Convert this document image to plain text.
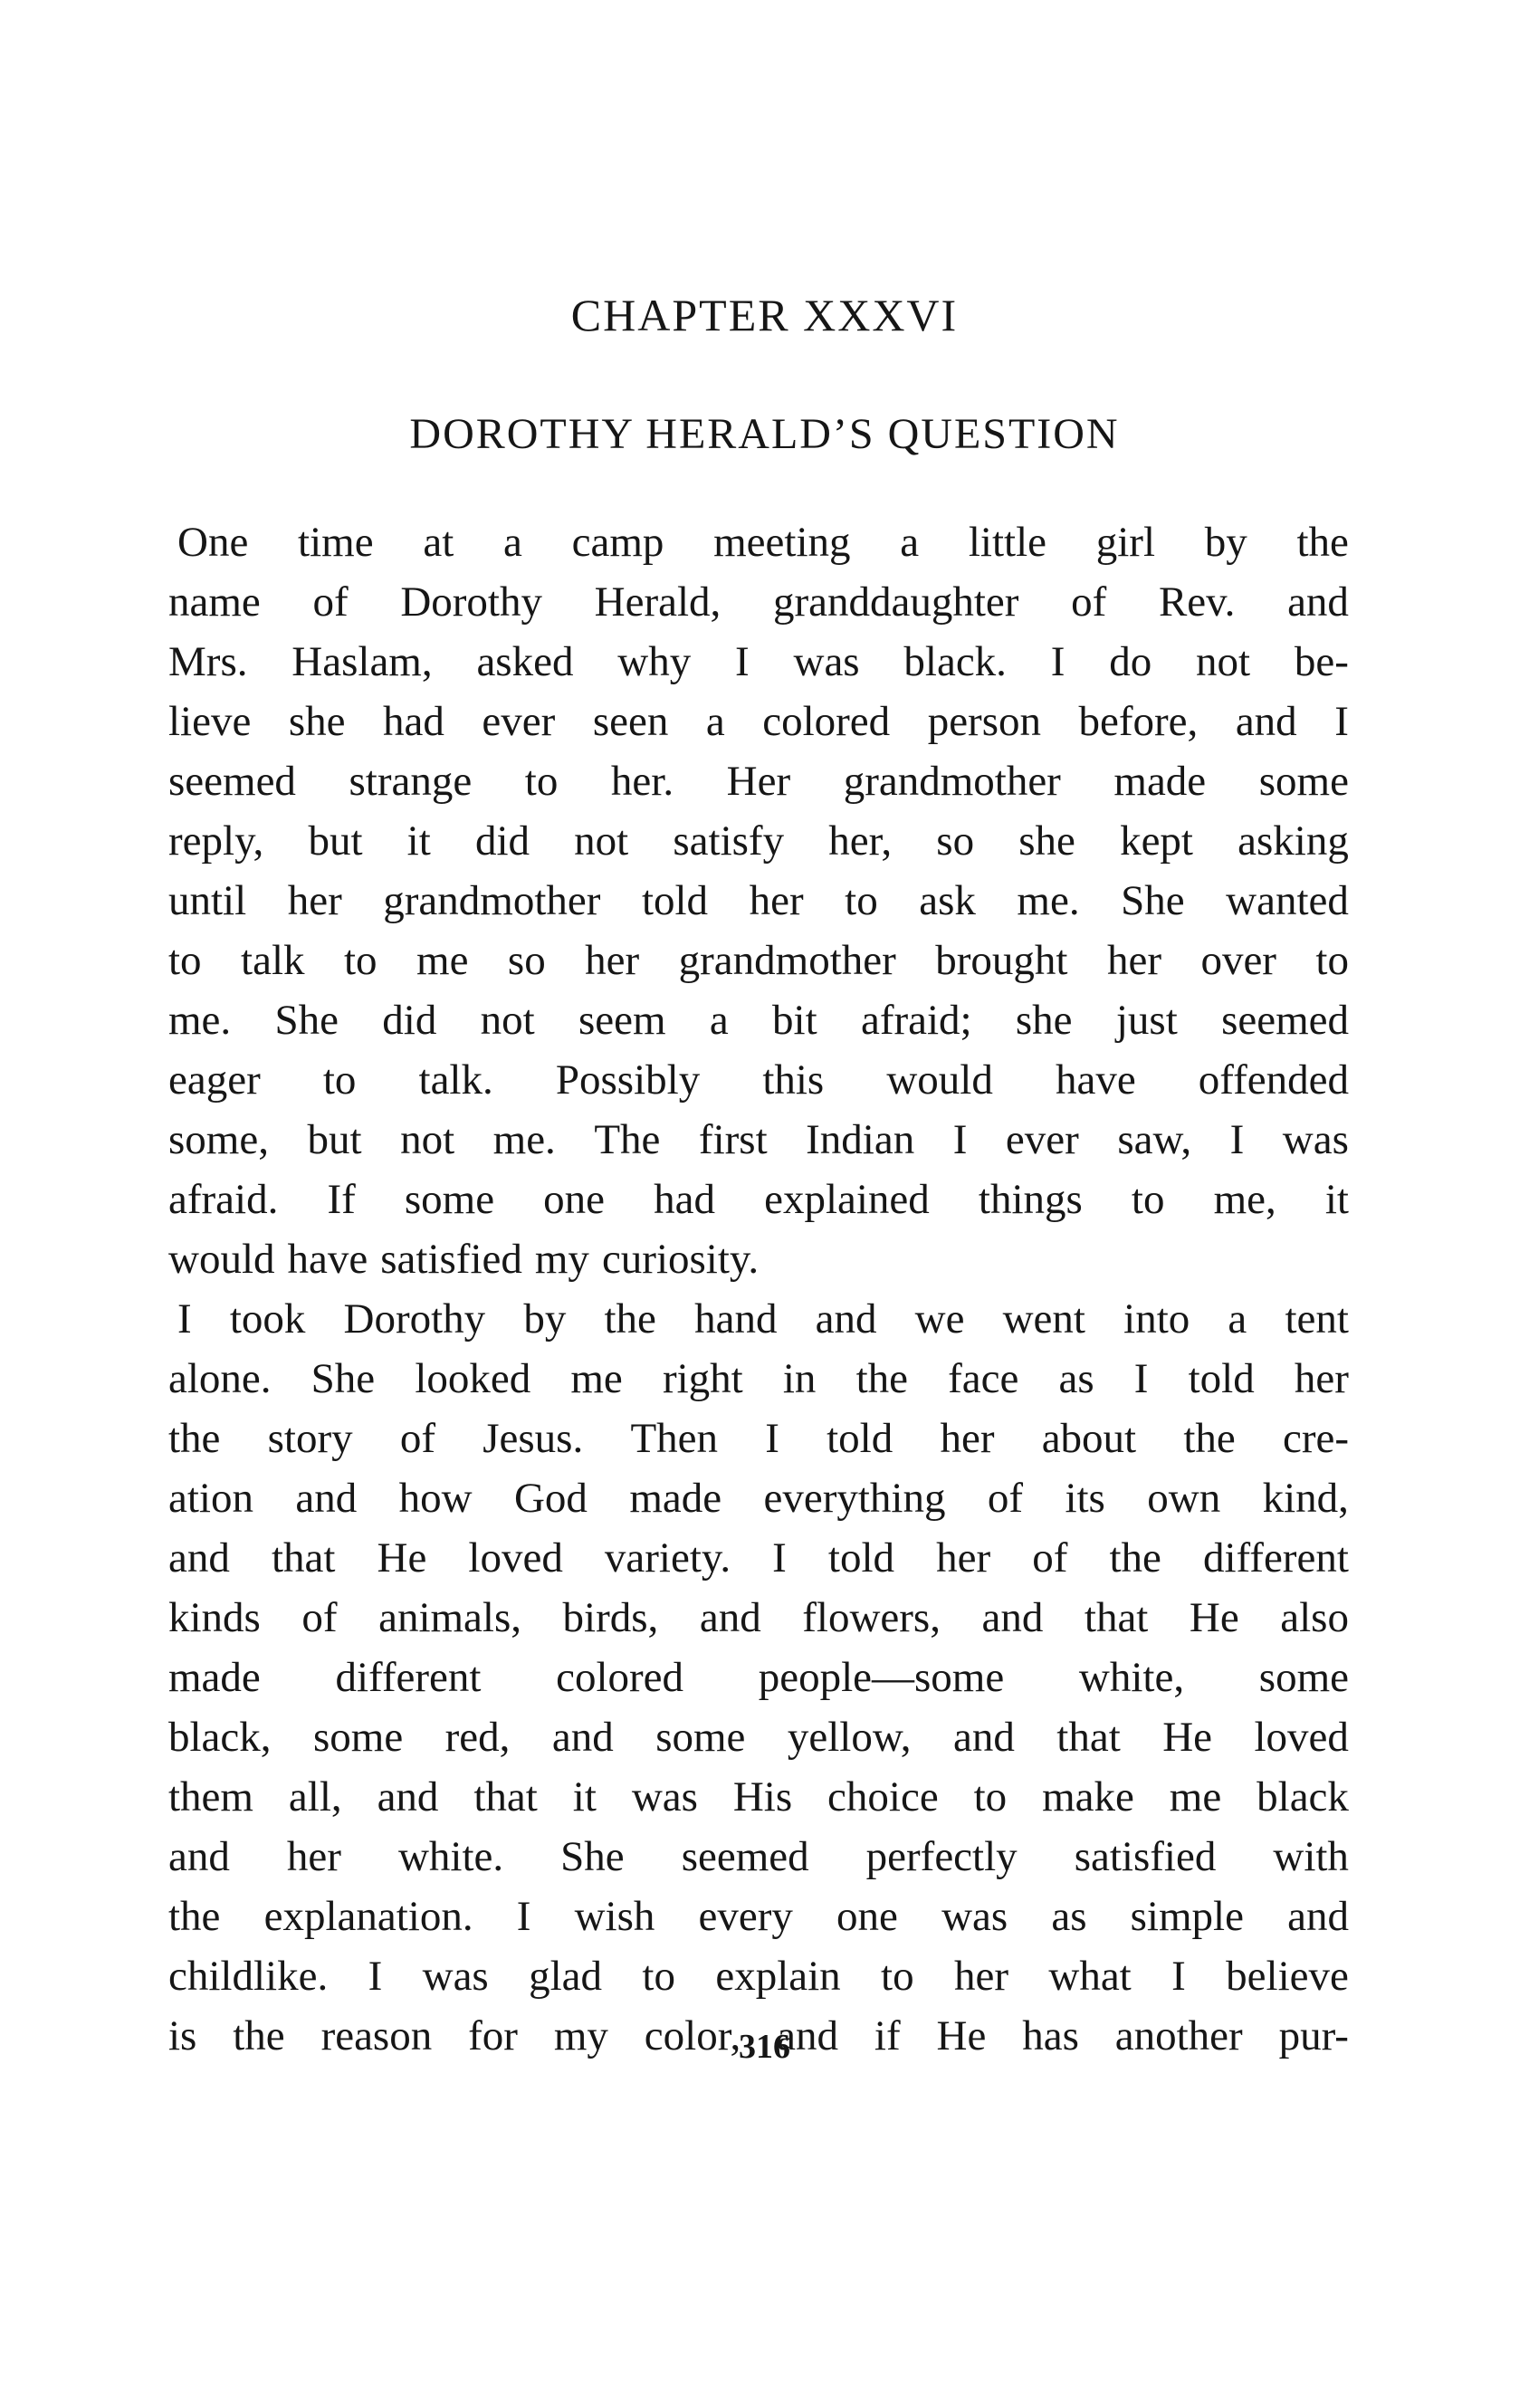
CHAPTER XXXVI
DOROTHY HERALD’S QUESTION
One time at a camp meeting a little girl by the
name of Dorothy Herald, granddaughter of Rev. and
Mrs. Haslam, asked why I was black. I do not be-
lieve she had ever seen a colored person before, and I
seemed strange to her. Her grandmother made some
reply, but it did not satisfy her, so she kept asking
until her grandmother told her to ask me. She wanted
to talk to me so her grandmother brought her over to
me. She did not seem a bit afraid; she just seemed
eager to talk. Possibly this would have offended
some, but not me. The first Indian I ever saw, I was
afraid. If some one had explained things to me, it
would have satisfied my curiosity.
I took Dorothy by the hand and we went into a tent
alone. She looked me right in the face as I told her
the story of Jesus. Then I told her about the cre-
ation and how God made everything of its own kind,
and that He loved variety. I told her of the different
kinds of animals, birds, and flowers, and that He also
made different colored people—some white, some
black, some red, and some yellow, and that He loved
them all, and that it was His choice to make me black
and her white. She seemed perfectly satisfied with
the explanation. I wish every one was as simple and
childlike. I was glad to explain to her what I believe
is the reason for my color, and if He has another pur-
316
